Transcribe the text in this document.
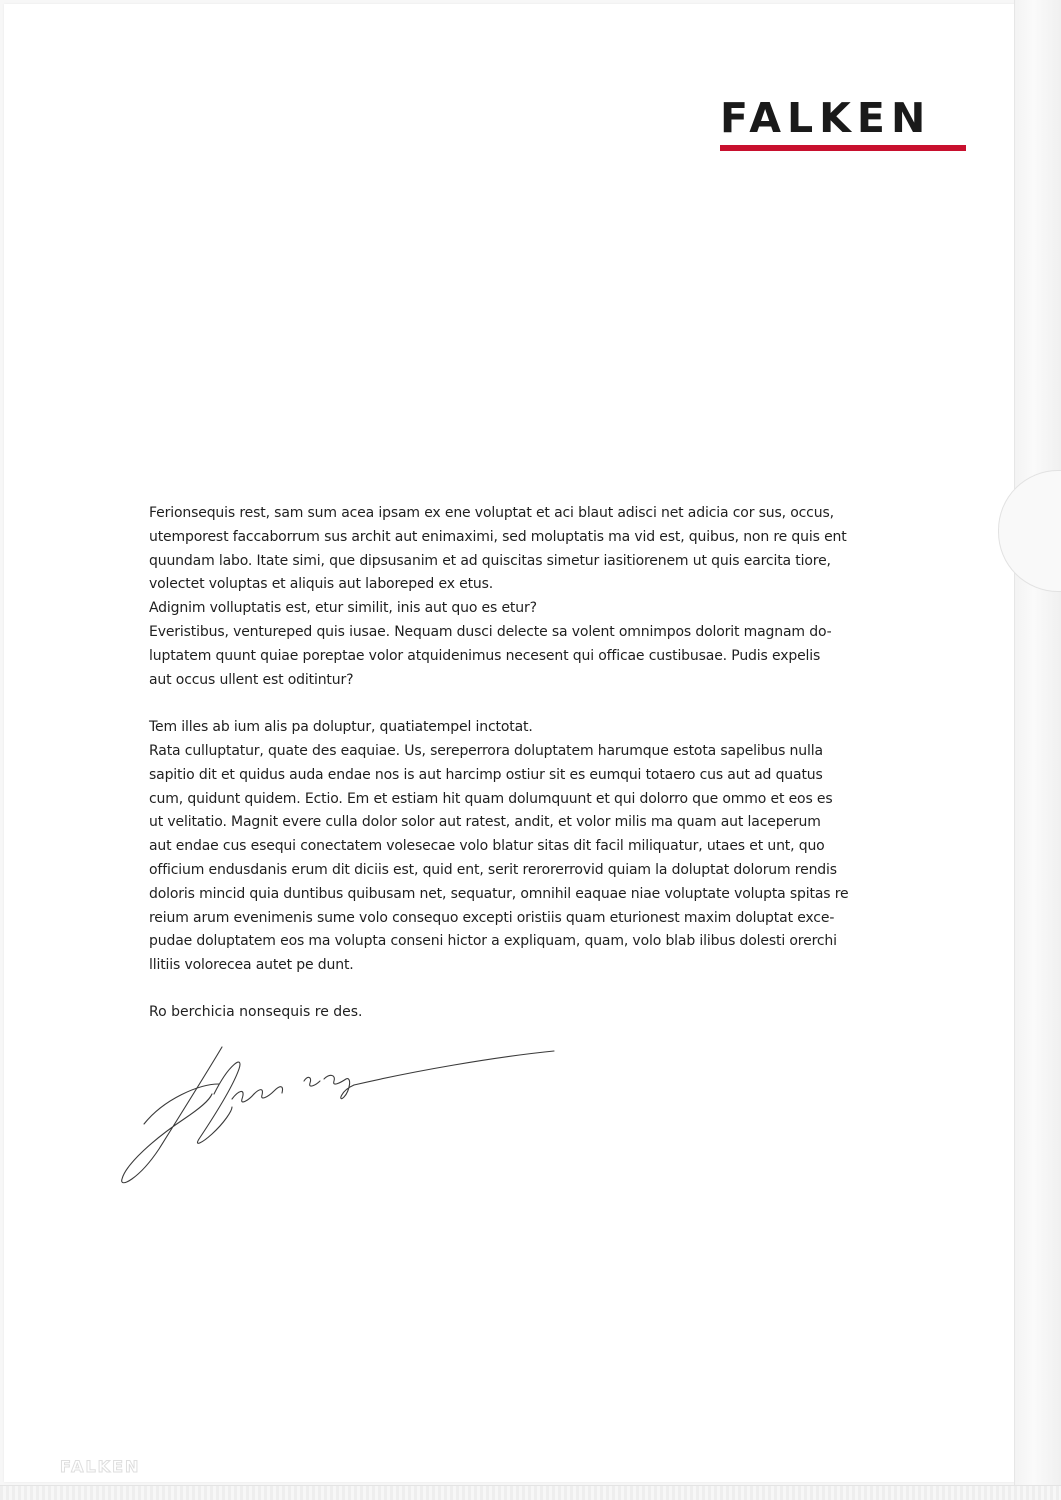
FALKEN
Ferionsequis rest, sam sum acea ipsam ex ene voluptat et aci blaut adisci net adicia cor sus, occus,
utemporest faccaborrum sus archit aut enimaximi, sed moluptatis ma vid est, quibus, non re quis ent
quundam labo. Itate simi, que dipsusanim et ad quiscitas simetur iasitiorenem ut quis earcita tiore,
volectet voluptas et aliquis aut laboreped ex etus.
Adignim volluptatis est, etur similit, inis aut quo es etur?
Everistibus, ventureped quis iusae. Nequam dusci delecte sa volent omnimpos dolorit magnam do-
luptatem quunt quiae poreptae volor atquidenimus necesent qui officae custibusae. Pudis expelis
aut occus ullent est oditintur?
Tem illes ab ium alis pa doluptur, quatiatempel inctotat.
Rata culluptatur, quate des eaquiae. Us, sereperrora doluptatem harumque estota sapelibus nulla
sapitio dit et quidus auda endae nos is aut harcimp ostiur sit es eumqui totaero cus aut ad quatus
cum, quidunt quidem. Ectio. Em et estiam hit quam dolumquunt et qui dolorro que ommo et eos es
ut velitatio. Magnit evere culla dolor solor aut ratest, andit, et volor milis ma quam aut laceperum
aut endae cus esequi conectatem volesecae volo blatur sitas dit facil miliquatur, utaes et unt, quo
officium endusdanis erum dit diciis est, quid ent, serit rerorerrovid quiam la doluptat dolorum rendis
doloris mincid quia duntibus quibusam net, sequatur, omnihil eaquae niae voluptate volupta spitas re
reium arum evenimenis sume volo consequo excepti oristiis quam eturionest maxim doluptat exce-
pudae doluptatem eos ma volupta conseni hictor a expliquam, quam, volo blab ilibus dolesti orerchi
llitiis volorecea autet pe dunt.
Ro berchicia nonsequis re des.
FALKEN
